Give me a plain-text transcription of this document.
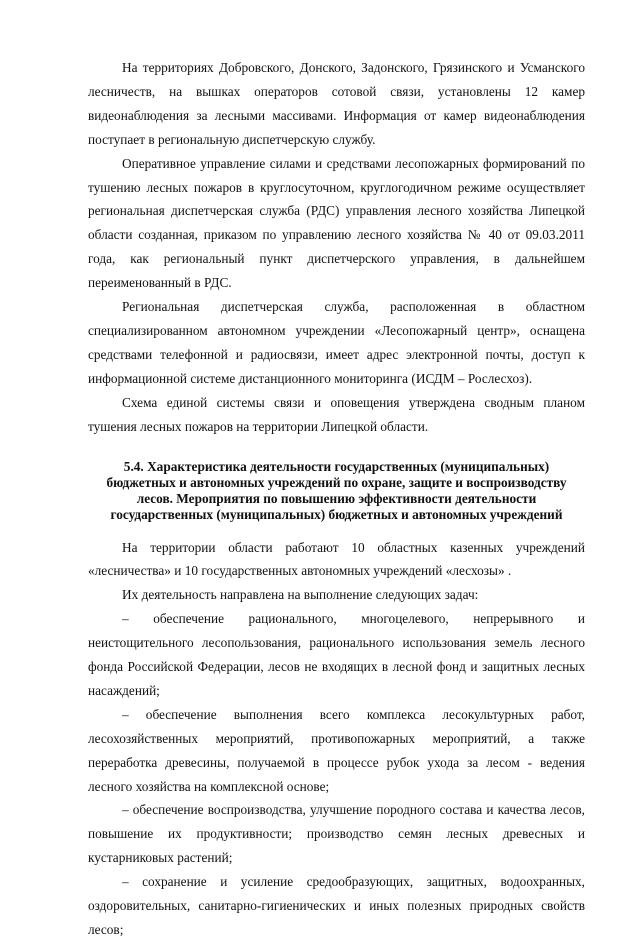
На территориях Добровского, Донского, Задонского, Грязинского и Усманского лесничеств, на вышках операторов сотовой связи, установлены 12 камер видеонаблюдения за лесными массивами. Информация от камер видеонаблюдения поступает в региональную диспетчерскую службу.

Оперативное управление силами и средствами лесопожарных формирований по тушению лесных пожаров в круглосуточном, круглогодичном режиме осуществляет региональная диспетчерская служба (РДС) управления лесного хозяйства Липецкой области созданная, приказом по управлению лесного хозяйства № 40 от 09.03.2011 года, как региональный пункт диспетчерского управления, в дальнейшем переименованный в РДС.

Региональная диспетчерская служба, расположенная в областном специализированном автономном учреждении «Лесопожарный центр», оснащена средствами телефонной и радиосвязи, имеет адрес электронной почты, доступ к информационной системе дистанционного мониторинга (ИСДМ – Рослесхоз).

Схема единой системы связи и оповещения утверждена сводным планом тушения лесных пожаров на территории Липецкой области.

5.4. Характеристика деятельности государственных (муниципальных) бюджетных и автономных учреждений по охране, защите и воспроизводству лесов. Мероприятия по повышению эффективности деятельности государственных (муниципальных) бюджетных и автономных учреждений

На территории области работают 10 областных казенных учреждений «лесничества» и 10 государственных автономных учреждений «лесхозы» .

Их деятельность направлена на выполнение следующих задач:

– обеспечение рационального, многоцелевого, непрерывного и неистощительного лесопользования, рационального использования земель лесного фонда Российской Федерации, лесов не входящих в лесной фонд и защитных лесных насаждений;

– обеспечение выполнения всего комплекса лесокультурных работ, лесохозяйственных мероприятий, противопожарных мероприятий, а также переработка древесины, получаемой в процессе рубок ухода за лесом - ведения лесного хозяйства на комплексной основе;

– обеспечение воспроизводства, улучшение породного состава и качества лесов, повышение их продуктивности; производство семян лесных древесных и кустарниковых растений;

– сохранение и усиление средообразующих, защитных, водоохранных, оздоровительных, санитарно-гигиенических и иных полезных природных свойств лесов;
